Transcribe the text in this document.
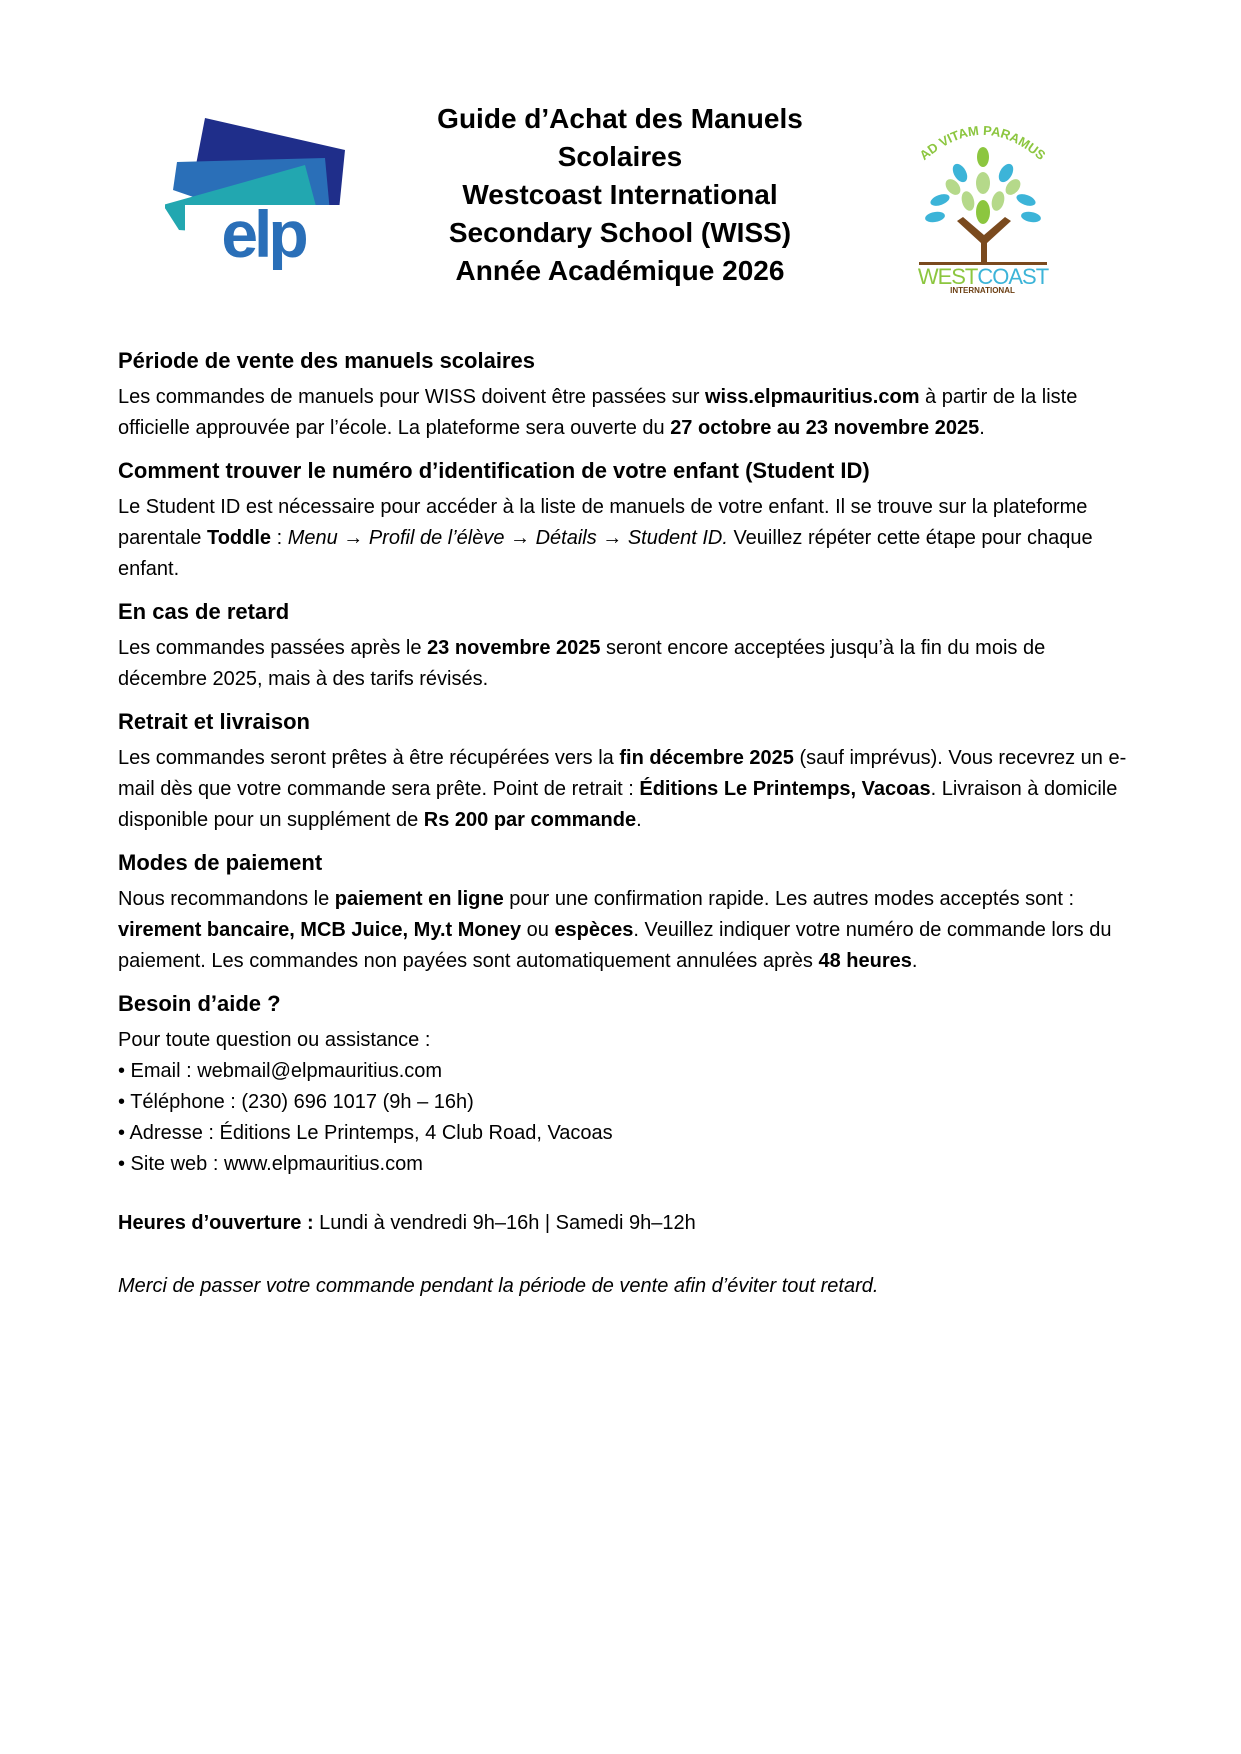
elp
Guide d’Achat des Manuels
Scolaires
Westcoast International
Secondary School (WISS)
Année Académique 2026
AD VITAM PARAMUS
WESTCOAST
INTERNATIONAL
Période de vente des manuels scolaires
Les commandes de manuels pour WISS doivent être passées sur wiss.elpmauritius.com à partir de la liste officielle approuvée par l’école. La plateforme sera ouverte du 27 octobre au 23 novembre 2025.
Comment trouver le numéro d’identification de votre enfant (Student ID)
Le Student ID est nécessaire pour accéder à la liste de manuels de votre enfant. Il se trouve sur la plateforme parentale Toddle : Menu → Profil de l’élève → Détails → Student ID. Veuillez répéter cette étape pour chaque enfant.
En cas de retard
Les commandes passées après le 23 novembre 2025 seront encore acceptées jusqu’à la fin du mois de décembre 2025, mais à des tarifs révisés.
Retrait et livraison
Les commandes seront prêtes à être récupérées vers la fin décembre 2025 (sauf imprévus). Vous recevrez un e-mail dès que votre commande sera prête. Point de retrait : Éditions Le Printemps, Vacoas. Livraison à domicile disponible pour un supplément de Rs 200 par commande.
Modes de paiement
Nous recommandons le paiement en ligne pour une confirmation rapide. Les autres modes acceptés sont : virement bancaire, MCB Juice, My.t Money ou espèces. Veuillez indiquer votre numéro de commande lors du paiement. Les commandes non payées sont automatiquement annulées après 48 heures.
Besoin d’aide ?
Pour toute question ou assistance :
• Email : webmail@elpmauritius.com
• Téléphone : (230) 696 1017 (9h – 16h)
• Adresse : Éditions Le Printemps, 4 Club Road, Vacoas
• Site web : www.elpmauritius.com
Heures d’ouverture : Lundi à vendredi 9h–16h | Samedi 9h–12h
Merci de passer votre commande pendant la période de vente afin d’éviter tout retard.
